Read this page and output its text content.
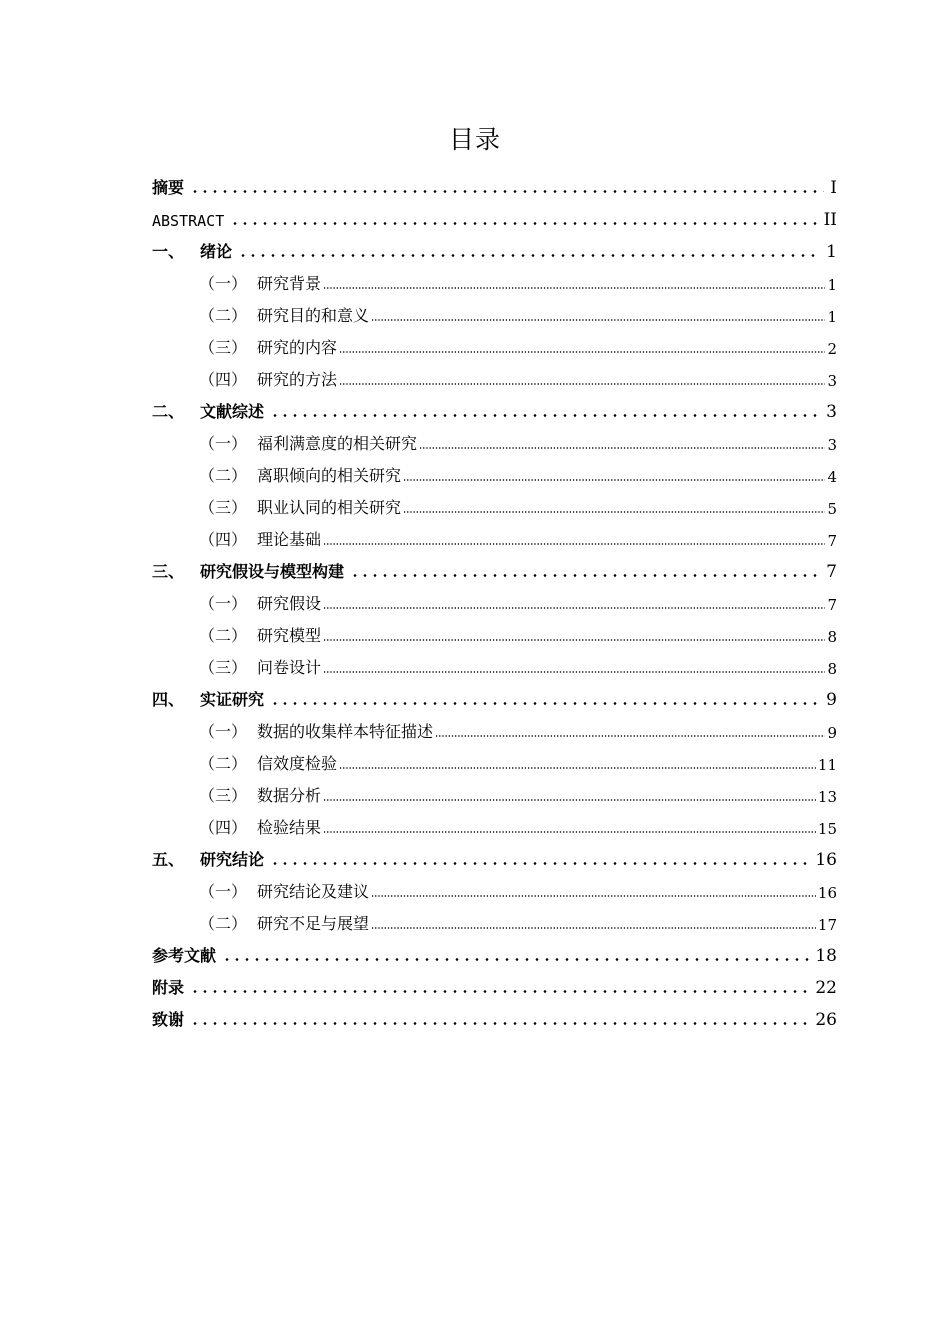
目录
摘要	I
ABSTRACT	II
一、 绪论	1
（一） 研究背景	1
（二） 研究目的和意义	1
（三） 研究的内容	2
（四） 研究的方法	3
二、 文献综述	3
（一） 福利满意度的相关研究	3
（二） 离职倾向的相关研究	4
（三） 职业认同的相关研究	5
（四） 理论基础	7
三、 研究假设与模型构建	7
（一） 研究假设	7
（二） 研究模型	8
（三） 问卷设计	8
四、 实证研究	9
（一） 数据的收集样本特征描述	9
（二） 信效度检验	11
（三） 数据分析	13
（四） 检验结果	15
五、 研究结论	16
（一） 研究结论及建议	16
（二） 研究不足与展望	17
参考文献	18
附录	22
致谢	26
